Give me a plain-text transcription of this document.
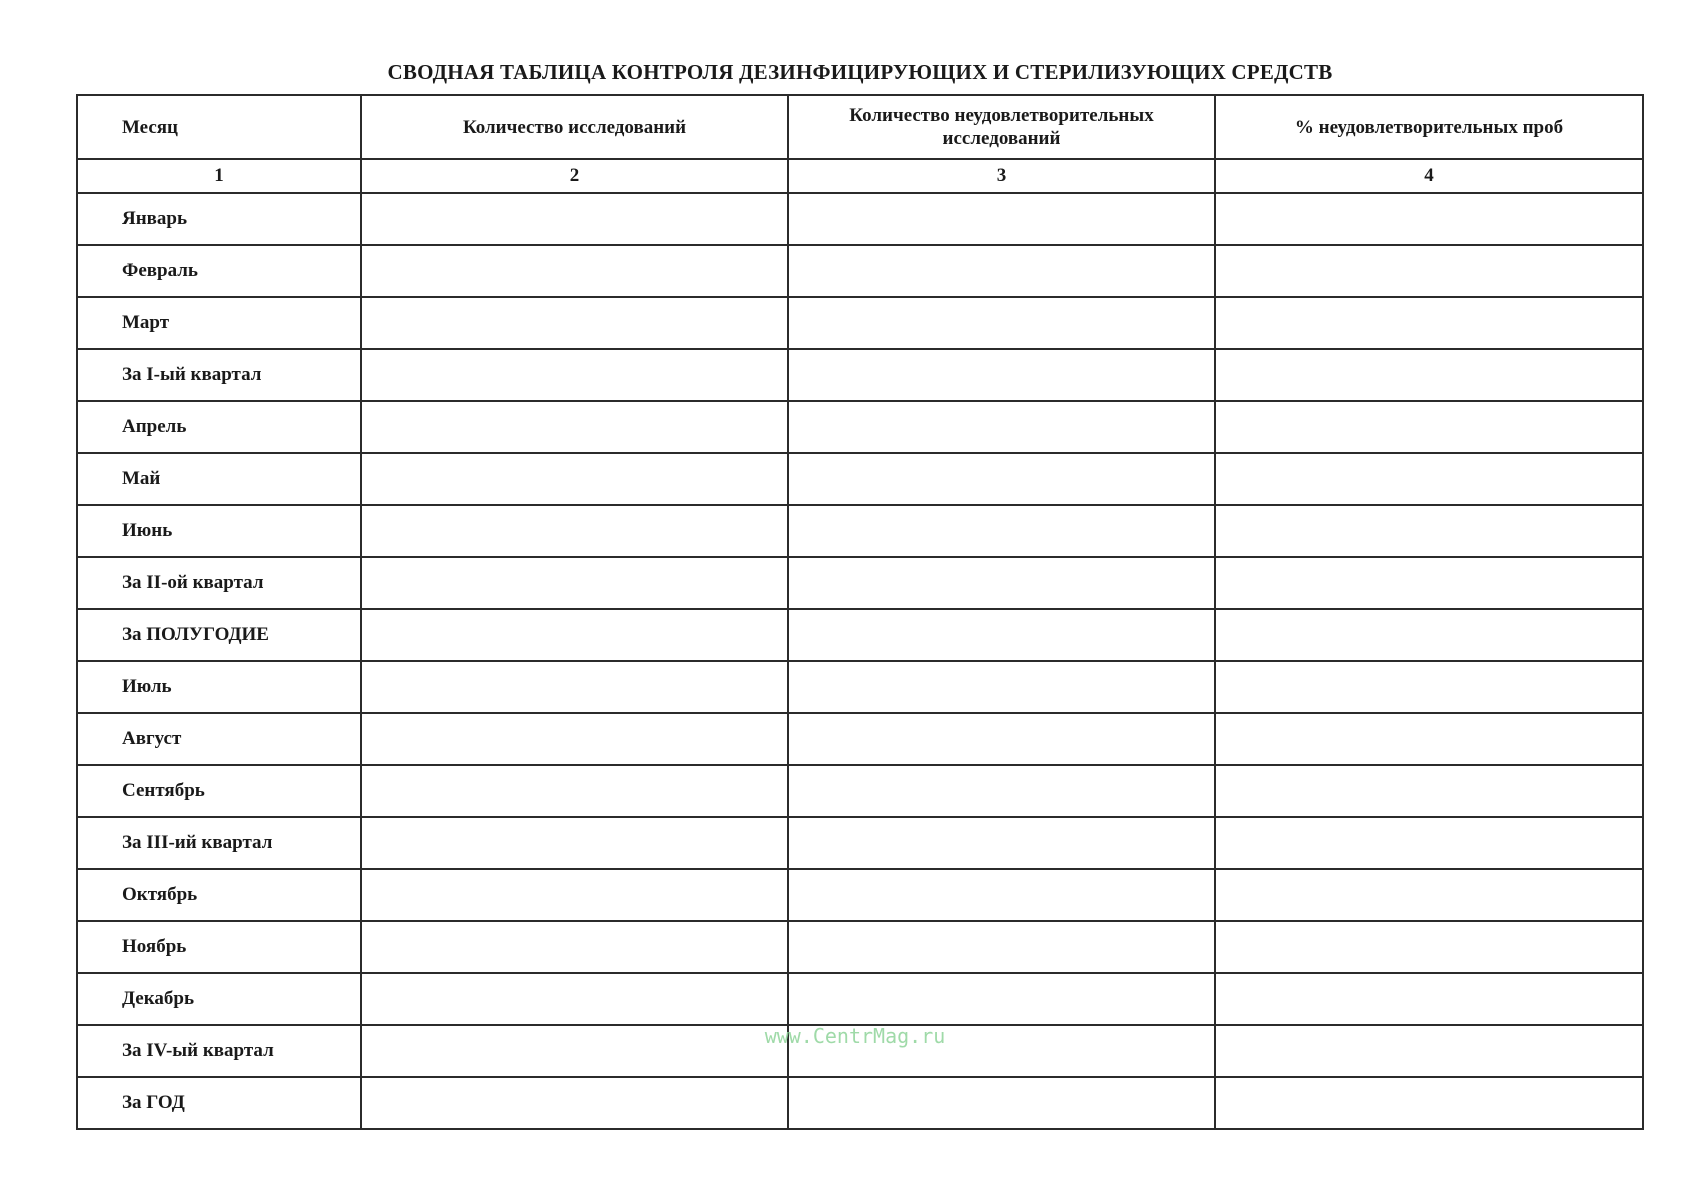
СВОДНАЯ ТАБЛИЦА КОНТРОЛЯ ДЕЗИНФИЦИРУЮЩИХ И СТЕРИЛИЗУЮЩИХ СРЕДСТВ
Месяц	Количество исследований	Количество неудовлетворительных исследований	% неудовлетворительных проб
1	2	3	4
Январь			
Февраль			
Март			
За I-ый квартал			
Апрель			
Май			
Июнь			
За II-ой квартал			
За ПОЛУГОДИЕ			
Июль			
Август			
Сентябрь			
За III-ий квартал			
Октябрь			
Ноябрь			
Декабрь			
За IV-ый квартал			
За ГОД			
www.CentrMag.ru
